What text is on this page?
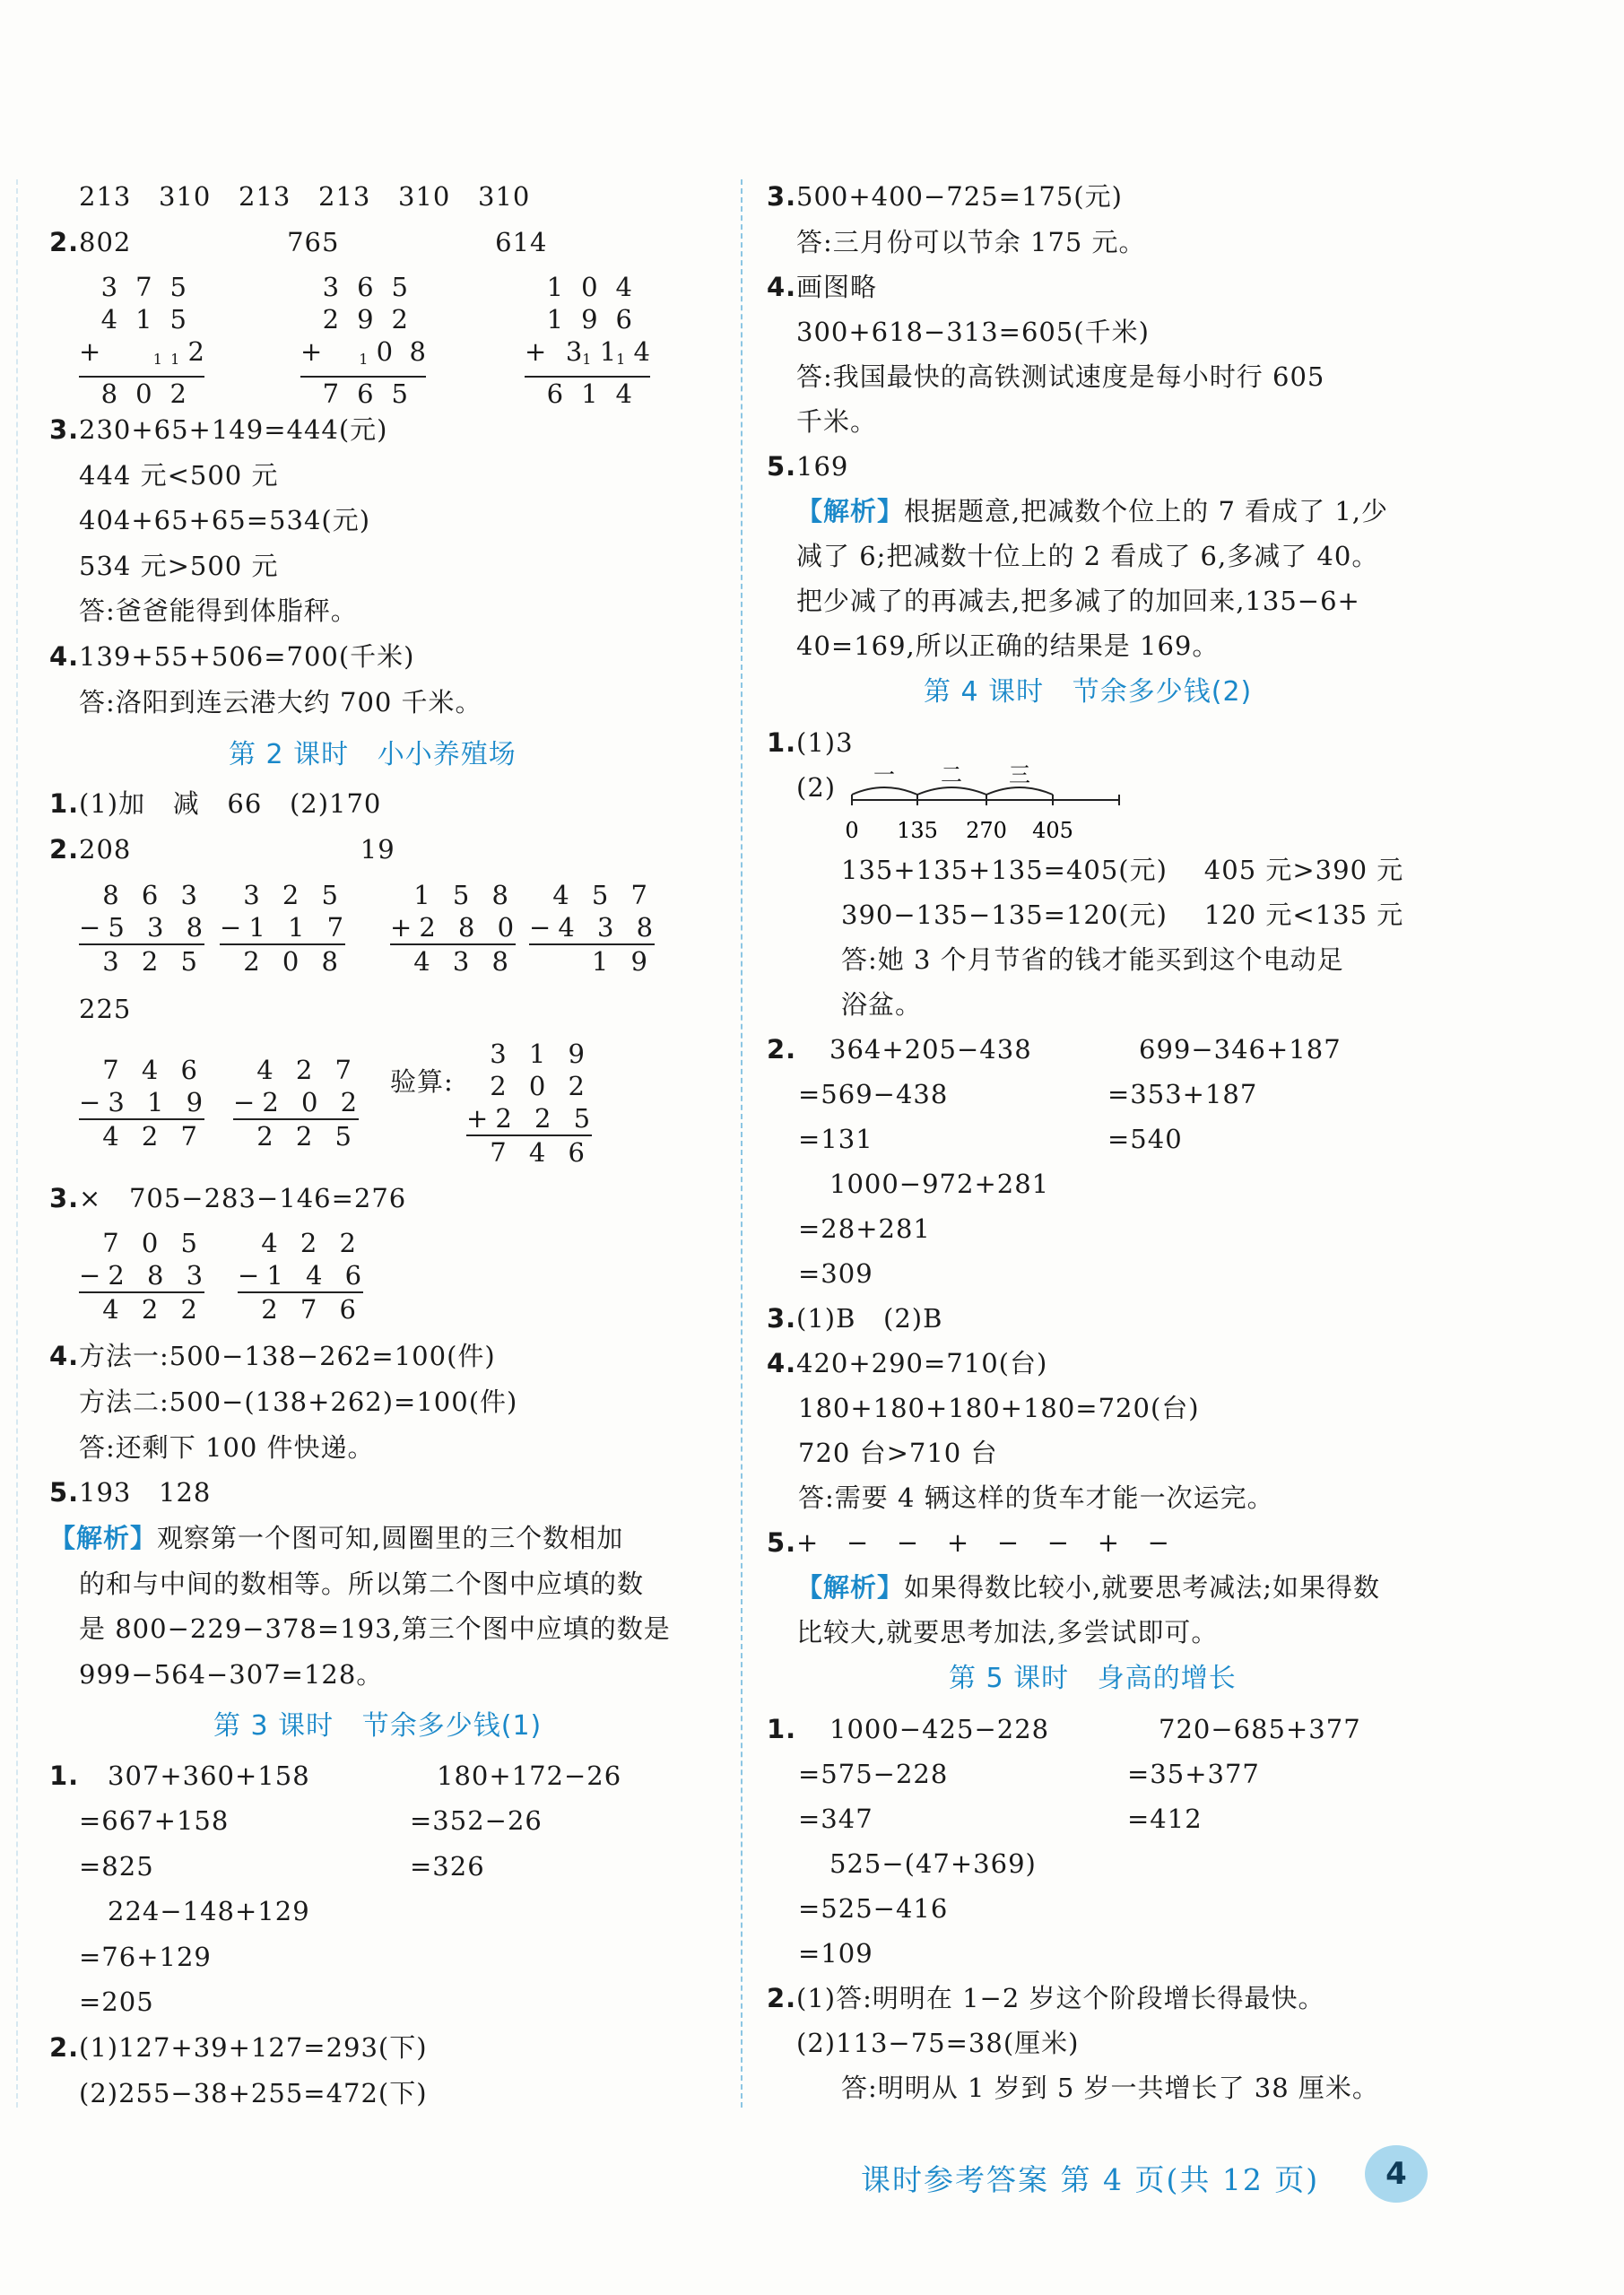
213   310   213   213   310   310
2. 802                 765                 614
375
415
+	1 1 2
802
365
292
+	1 0 8
765
104
196
+ 31 11 4
614
3. 230+65+149=444(元)
444 元<500 元
404+65+65=534(元)
534 元>500 元
答:爸爸能得到体脂秤。
4. 139+55+506=700(千米)
答:洛阳到连云港大约 700 千米。
第 2 课时   小小养殖场
1. (1)加   减   66   (2)170
2. 208                         19
8 6 3
− 5 3 8
3 2 5
3 2 5
− 1 1 7
2 0 8
1 5 8
+ 2 8 0
4 3 8
4 5 7
− 4 3 8
1 9
225
7 4 6
− 3 1 9
4 2 7
4 2 7
− 2 0 2
2 2 5
验算:
3 1 9
2 0 2
+ 2 2 5
7 4 6
3. ×   705−283−146=276
7 0 5
− 2 8 3
4 2 2
4 2 2
− 1 4 6
2 7 6
4. 方法一:500−138−262=100(件)
方法二:500−(138+262)=100(件)
答:还剩下 100 件快递。
5. 193   128
【解析】观察第一个图可知,圆圈里的三个数相加
的和与中间的数相等。所以第二个图中应填的数
是 800−229−378=193,第三个图中应填的数是
999−564−307=128。
第 3 课时   节余多少钱(1)
1. 307+360+158	180+172−26
=667+158	=352−26
=825	=326
224−148+129
=76+129
=205
2. (1)127+39+127=293(下)
(2)255−38+255=472(下)
3. 500+400−725=175(元)
答:三月份可以节余 175 元。
4. 画图略
300+618−313=605(千米)
答:我国最快的高铁测试速度是每小时行 605
千米。
5. 169
【解析】根据题意,把减数个位上的 7 看成了 1,少
减了 6;把减数十位上的 2 看成了 6,多减了 40。
把少减了的再减去,把多减了的加回来,135−6+
40=169,所以正确的结果是 169。
第 4 课时   节余多少钱(2)
1. (1)3
(2) 一 二 三
0 135 270 405
135+135+135=405(元)    405 元>390 元
390−135−135=120(元)    120 元<135 元
答:她 3 个月节省的钱才能买到这个电动足
浴盆。
2. 364+205−438	699−346+187
=569−438	=353+187
=131	=540
1000−972+281
=28+281
=309
3. (1)B   (2)B
4. 420+290=710(台)
180+180+180+180=720(台)
720 台>710 台
答:需要 4 辆这样的货车才能一次运完。
5. +   −   −   +   −   −   +   −
【解析】如果得数比较小,就要思考减法;如果得数
比较大,就要思考加法,多尝试即可。
第 5 课时   身高的增长
1. 1000−425−228	720−685+377
=575−228	=35+377
=347	=412
525−(47+369)
=525−416
=109
2. (1)答:明明在 1−2 岁这个阶段增长得最快。
(2)113−75=38(厘米)
答:明明从 1 岁到 5 岁一共增长了 38 厘米。
课时参考答案 第 4 页(共 12 页)	4
